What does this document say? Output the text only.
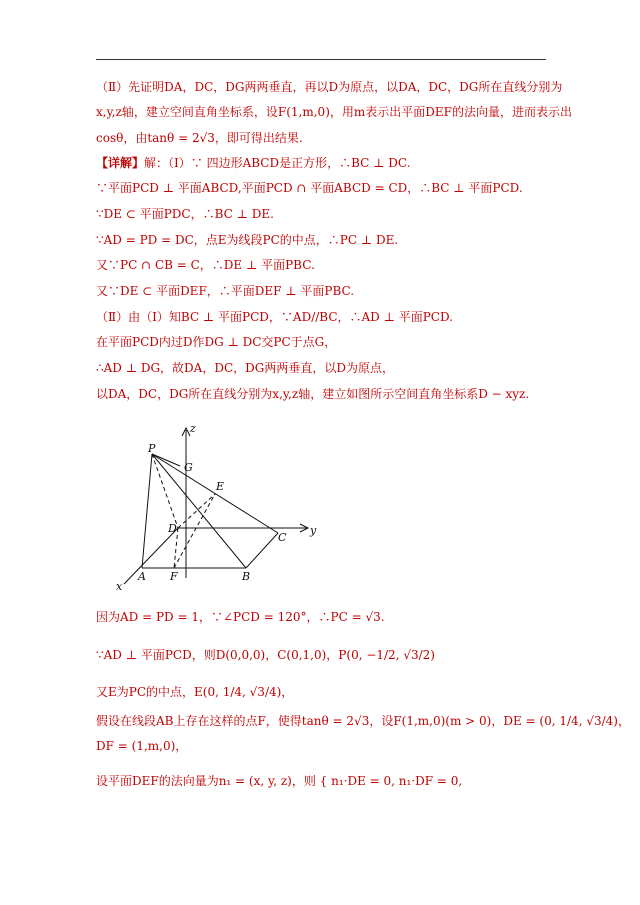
（Ⅱ）先证明DA，DC，DG两两垂直，再以D为原点，以DA，DC，DG所在直线分别为
x,y,z轴，建立空间直角坐标系，设F(1,m,0)，用m表示出平面DEF的法向量，进而表示出
cosθ，由tanθ = 2√3，即可得出结果.
【详解】解：（Ⅰ）∵ 四边形ABCD是正方形，∴BC ⊥ DC.
∵平面PCD ⊥ 平面ABCD,平面PCD ∩ 平面ABCD = CD，∴BC ⊥ 平面PCD.
∵DE ⊂ 平面PDC，∴BC ⊥ DE.
∵AD = PD = DC，点E为线段PC的中点，∴PC ⊥ DE.
又∵PC ∩ CB = C，∴DE ⊥ 平面PBC.
又∵DE ⊂ 平面DEF，∴平面DEF ⊥ 平面PBC.
（Ⅱ）由（Ⅰ）知BC ⊥ 平面PCD，∵AD//BC，∴AD ⊥ 平面PCD.
在平面PCD内过D作DG ⊥ DC交PC于点G，
∴AD ⊥ DG，故DA，DC，DG两两垂直，以D为原点，
以DA，DC，DG所在直线分别为x,y,z轴，建立如图所示空间直角坐标系D − xyz.
P
G
E
D
C
A F	B
x
y
z
因为AD = PD = 1，∵∠PCD = 120°，∴PC = √3.
∵AD ⊥ 平面PCD，则D(0,0,0)，C(0,1,0)，P(0, −1/2, √3/2)
又E为PC的中点，E(0, 1/4, √3/4)，
假设在线段AB上存在这样的点F，使得tanθ = 2√3，设F(1,m,0)(m > 0)，DE = (0, 1/4, √3/4)，
DF = (1,m,0)，
设平面DEF的法向量为n₁ = (x, y, z)，则 { n₁·DE = 0, n₁·DF = 0,
